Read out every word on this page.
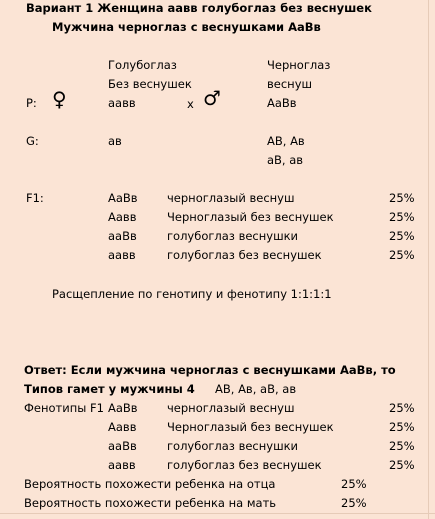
Вариант 1 Женщина аавв голубоглаз без веснушек
Мужчина черноглаз с веснушками АаВв
Голубоглаз
Без веснушек
Черноглаз
веснуш
P: ♀	аавв	х ♂	АаВв
G:	ав	АВ, Ав
аВ, ав
F1:	АаВв	черноглазый веснуш	25%
Аавв	Черноглазый без веснушек	25%
ааВв	голубоглаз веснушки	25%
аавв	голубоглаз без веснушек	25%
Расщепление по генотипу и фенотипу 1:1:1:1
Ответ: Если мужчина черноглаз с веснушками АаВв, то
Типов гамет у мужчины 4 АВ, Ав, аВ, ав
Фенотипы F1 АаВв	черноглазый веснуш	25%
Аавв	Черноглазый без веснушек	25%
ааВв	голубоглаз веснушки	25%
аавв	голубоглаз без веснушек	25%
Вероятность похожести ребенка на отца	25%
Вероятность похожести ребенка на мать	25%
